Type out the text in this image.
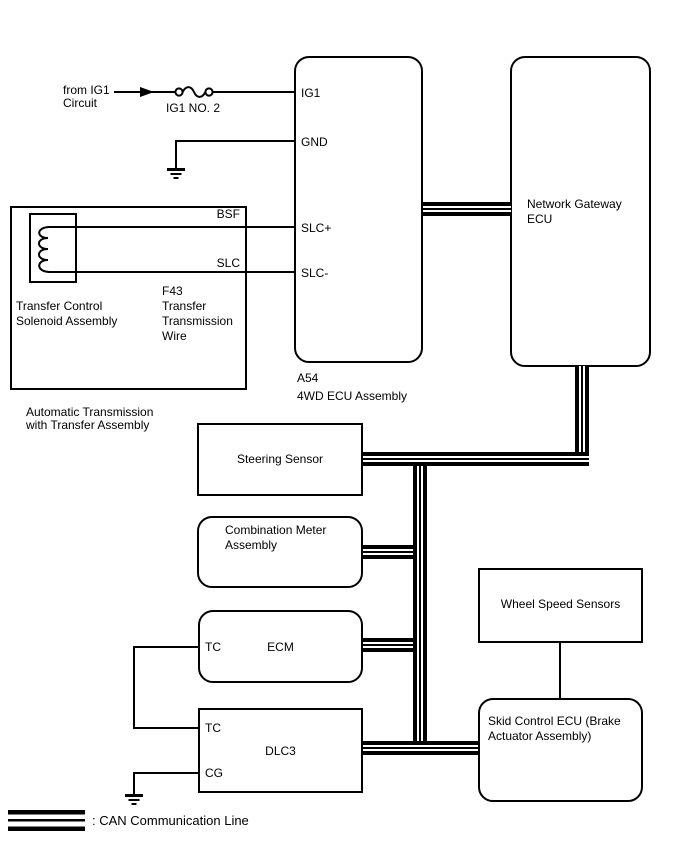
from IG1
Circuit	IG1 NO. 2
IG1
GND
SLC+
SLC-
A54
4WD ECU Assembly
Network Gateway
ECU
BSF
SLC
F43
Transfer
Transmission
Wire
Transfer Control
Solenoid Assembly
Automatic Transmission
with Transfer Assembly
Steering Sensor
Combination Meter
Assembly
TC	ECM
TC
DLC3
CG
Wheel Speed Sensors
Skid Control ECU (Brake
Actuator Assembly)
: CAN Communication Line
